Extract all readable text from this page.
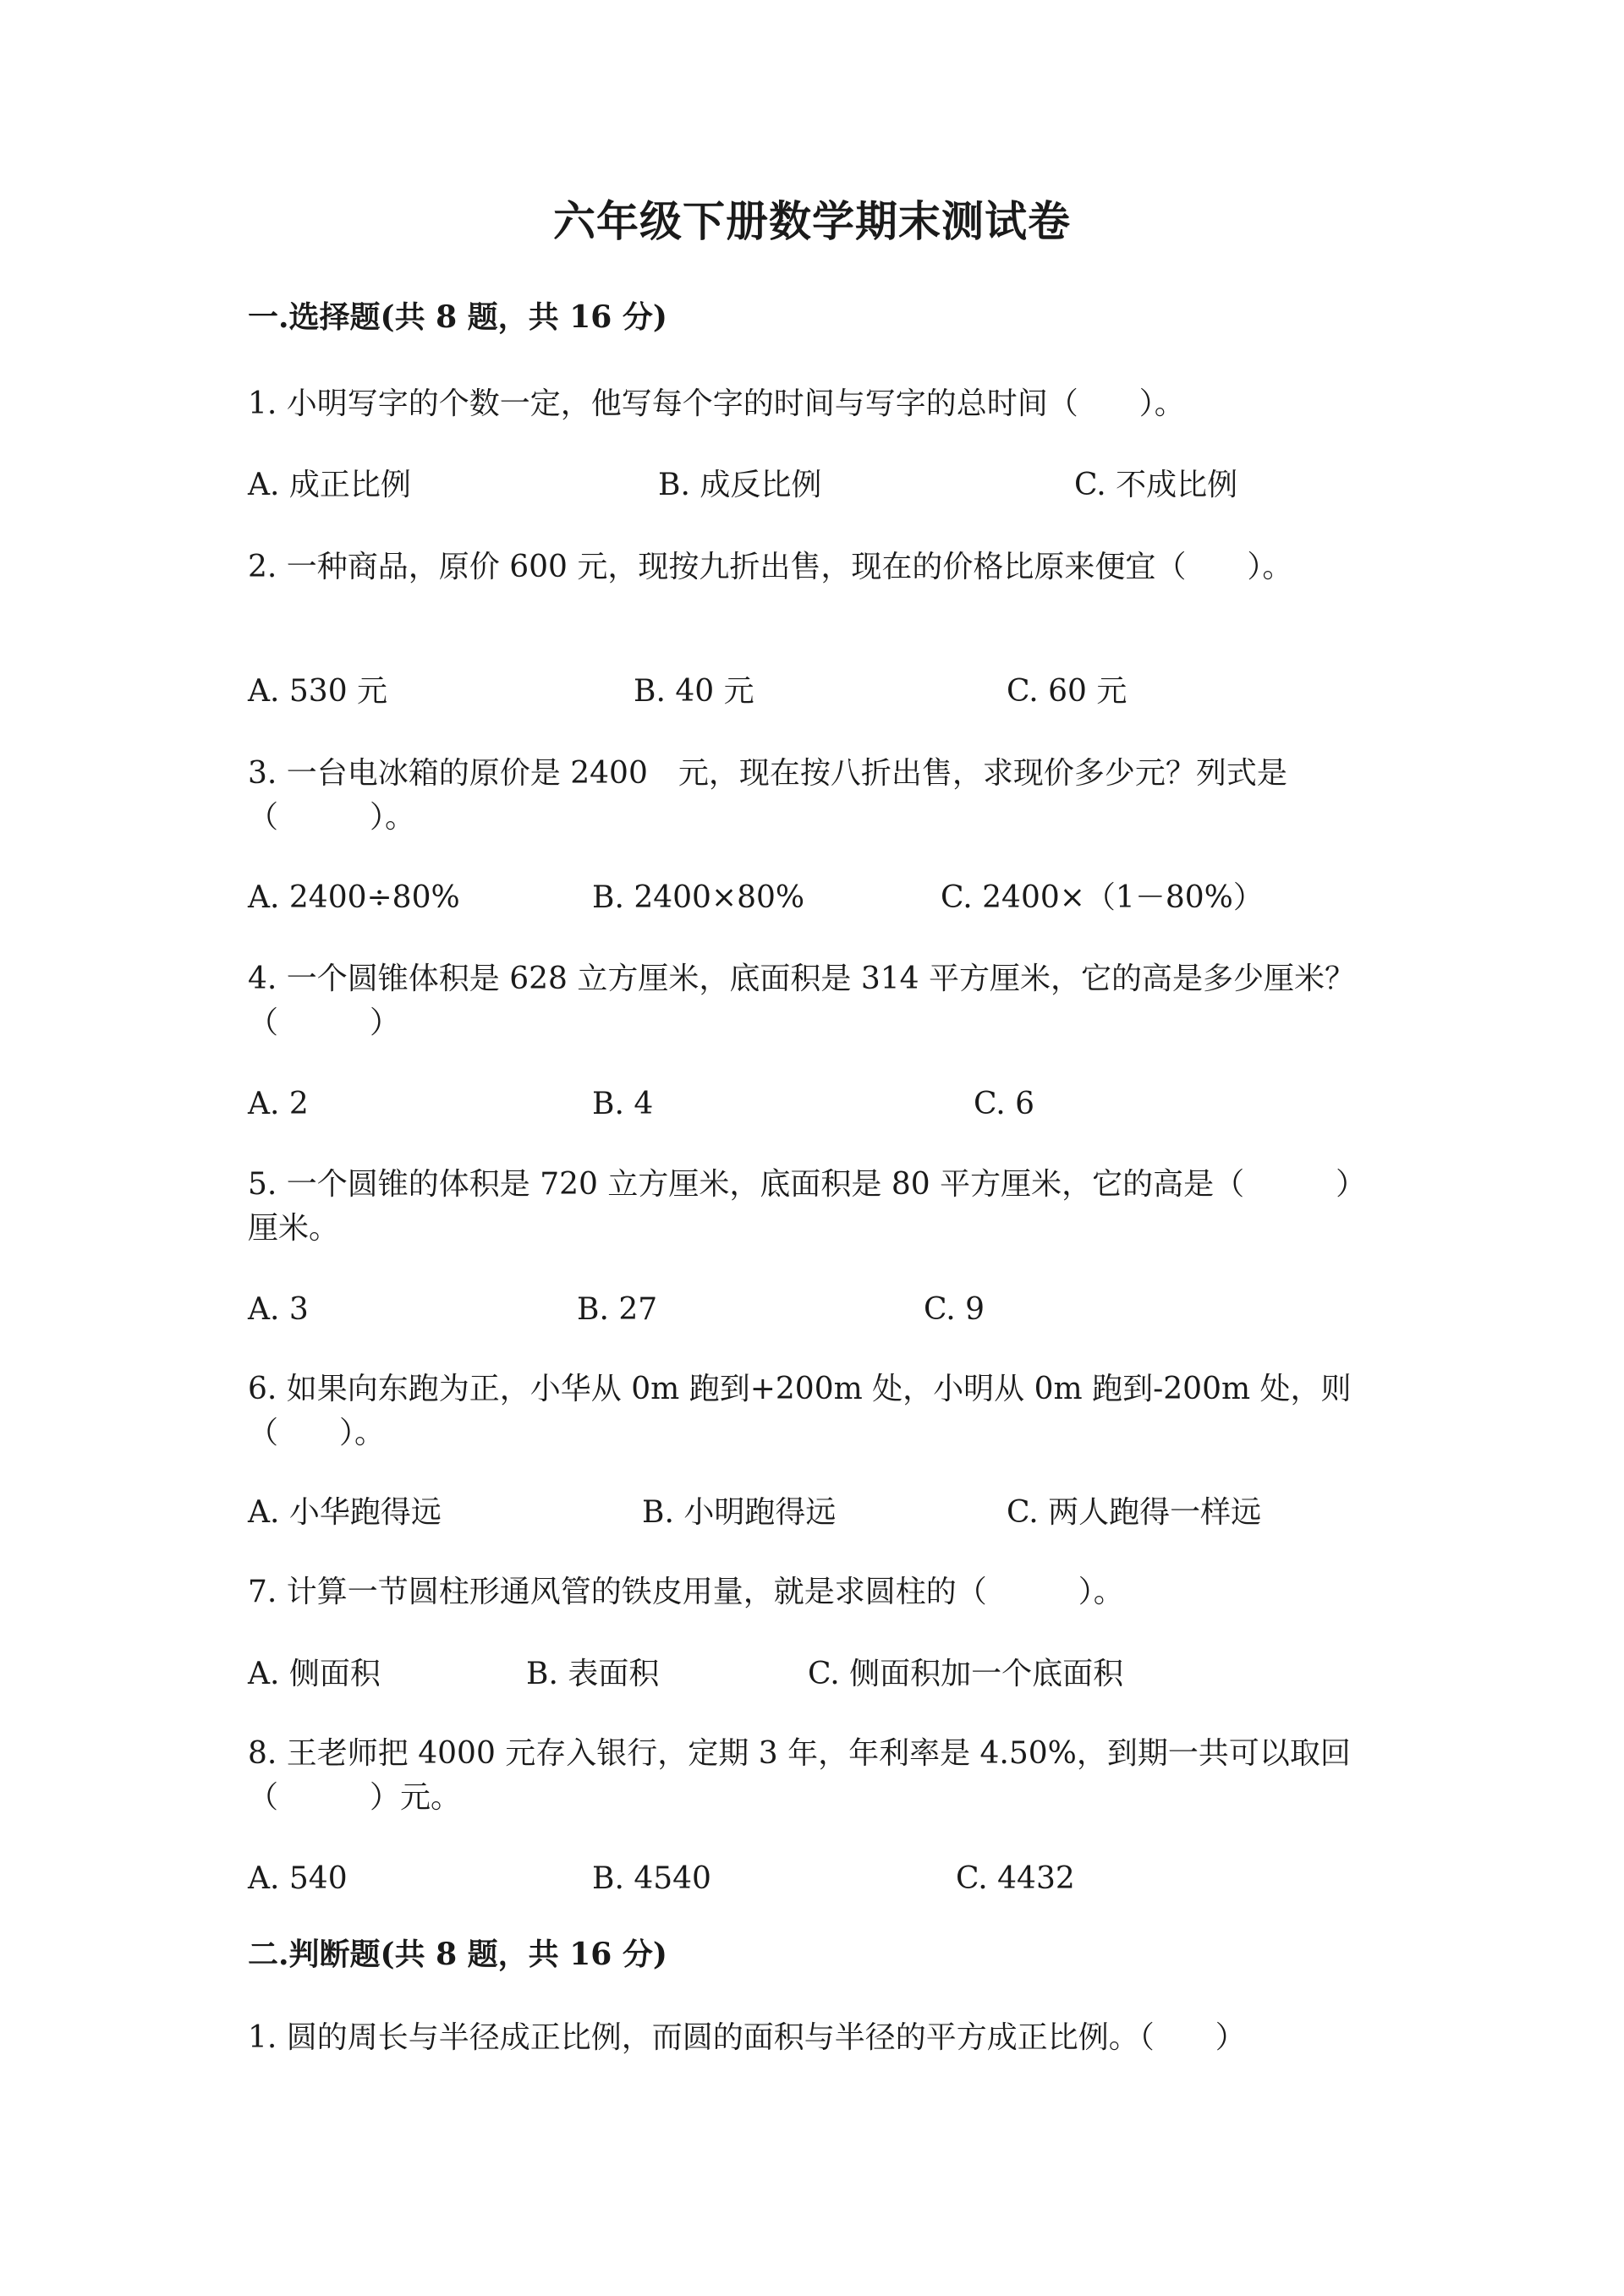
六年级下册数学期末测试卷
一.选择题(共 8 题，共 16 分)
1. 小明写字的个数一定，他写每个字的时间与写字的总时间（　　）。
A. 成正比例	B. 成反比例	C. 不成比例
2. 一种商品，原价 600 元，现按九折出售，现在的价格比原来便宜（　　）。
A. 530 元	B. 40 元	C. 60 元
3. 一台电冰箱的原价是 2400　元，现在按八折出售，求现价多少元？列式是（　　　）。
A. 2400÷80%	B. 2400×80%	C. 2400×（1－80%）
4. 一个圆锥体积是 628 立方厘米，底面积是 314 平方厘米，它的高是多少厘米？（　　　）
A. 2	B. 4	C. 6
5. 一个圆锥的体积是 720 立方厘米，底面积是 80 平方厘米，它的高是（　　　）厘米。
A. 3	B. 27	C. 9
6. 如果向东跑为正，小华从 0m 跑到+200m 处，小明从 0m 跑到-200m 处，则（　　）。
A. 小华跑得远	B. 小明跑得远	C. 两人跑得一样远
7. 计算一节圆柱形通风管的铁皮用量，就是求圆柱的（　　　）。
A. 侧面积	B. 表面积	C. 侧面积加一个底面积
8. 王老师把 4000 元存入银行，定期 3 年，年利率是 4.50%，到期一共可以取回（　　　）元。
A. 540	B. 4540	C. 4432
二.判断题(共 8 题，共 16 分)
1. 圆的周长与半径成正比例，而圆的面积与半径的平方成正比例。（　　）
